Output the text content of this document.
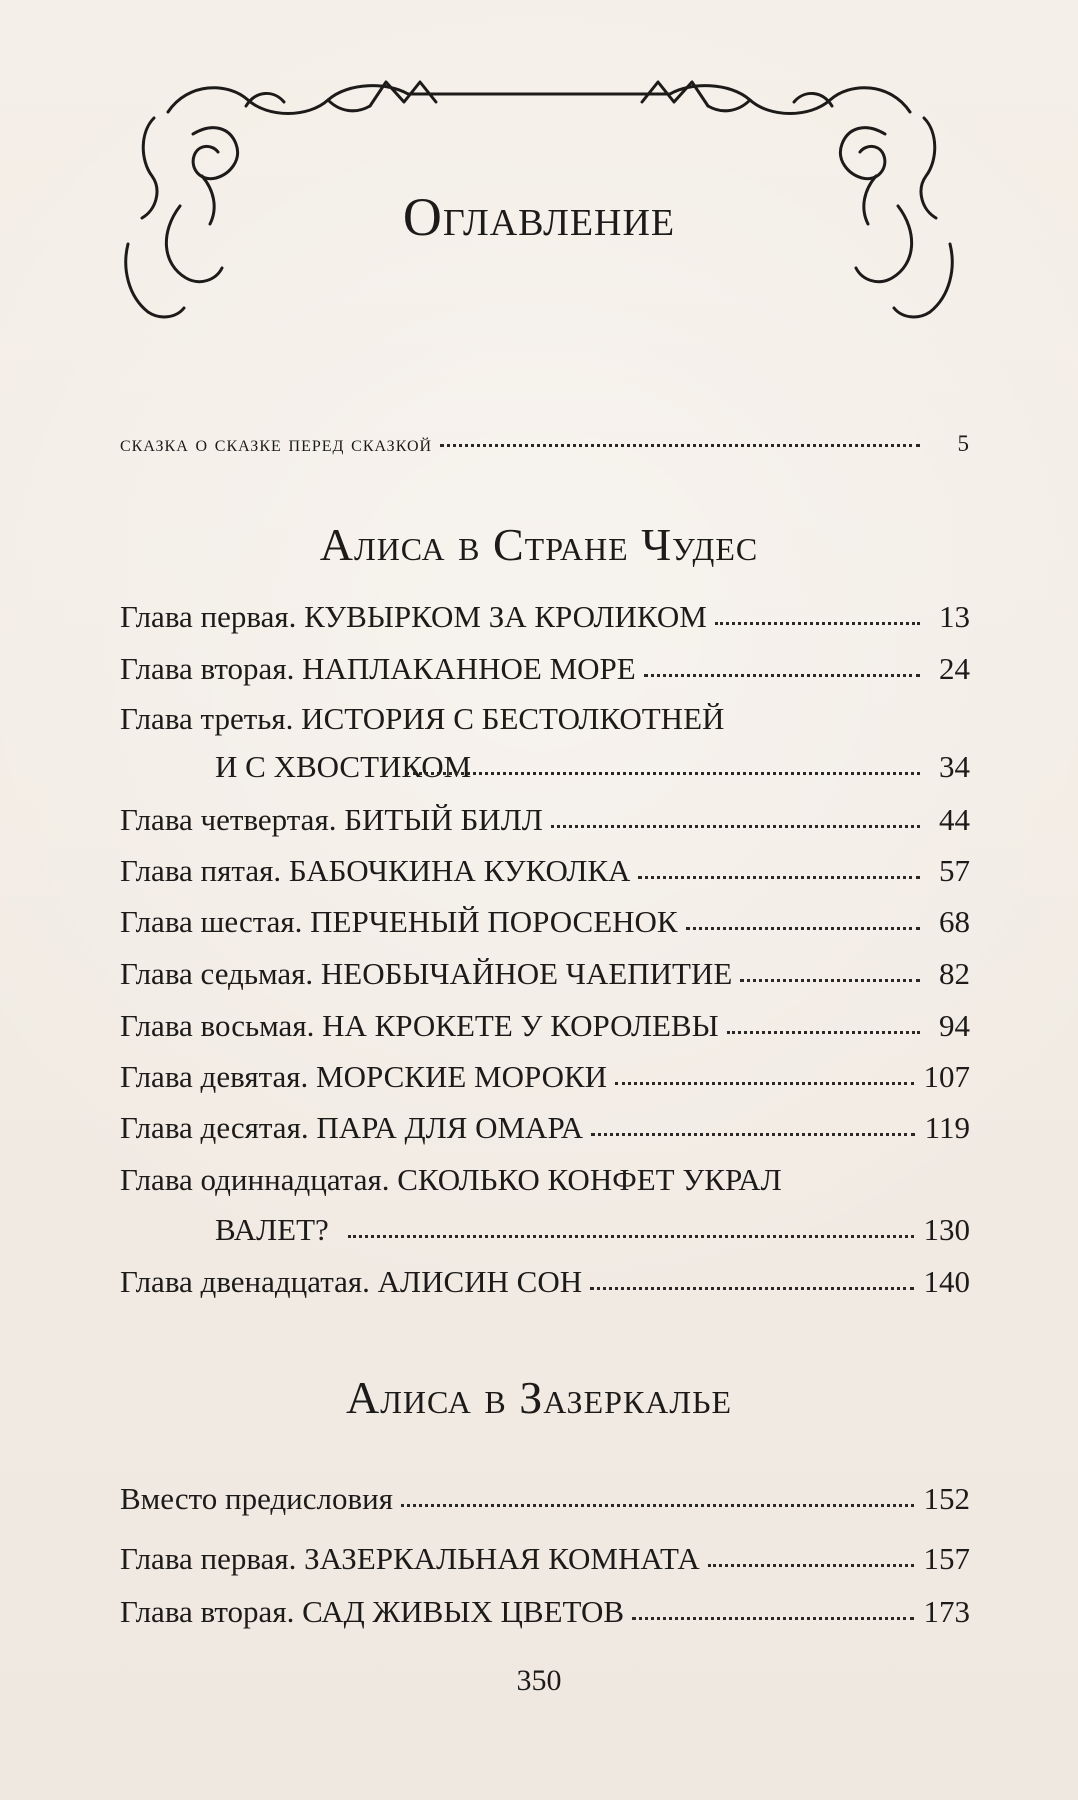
Оглавление
сказка о сказке перед сказкой	5
Алиса в Стране Чудес
Глава первая. КУВЫРКОМ ЗА КРОЛИКОМ	13
Глава вторая. НАПЛАКАННОЕ МОРЕ	24
Глава третья. ИСТОРИЯ С БЕСТОЛКОТНЕЙ
И С ХВОСТИКОМ	34
Глава четвертая. БИТЫЙ БИЛЛ	44
Глава пятая. БАБОЧКИНА КУКОЛКА	57
Глава шестая. ПЕРЧЕНЫЙ ПОРОСЕНОК	68
Глава седьмая. НЕОБЫЧАЙНОЕ ЧАЕПИТИЕ	82
Глава восьмая. НА КРОКЕТЕ У КОРОЛЕВЫ	94
Глава девятая. МОРСКИЕ МОРОКИ	107
Глава десятая. ПАРА ДЛЯ ОМАРА	119
Глава одиннадцатая. СКОЛЬКО КОНФЕТ УКРАЛ
ВАЛЕТ?	130
Глава двенадцатая. АЛИСИН СОН	140
Алиса в Зазеркалье
Вместо предисловия	152
Глава первая. ЗАЗЕРКАЛЬНАЯ КОМНАТА	157
Глава вторая. САД ЖИВЫХ ЦВЕТОВ	173
350
